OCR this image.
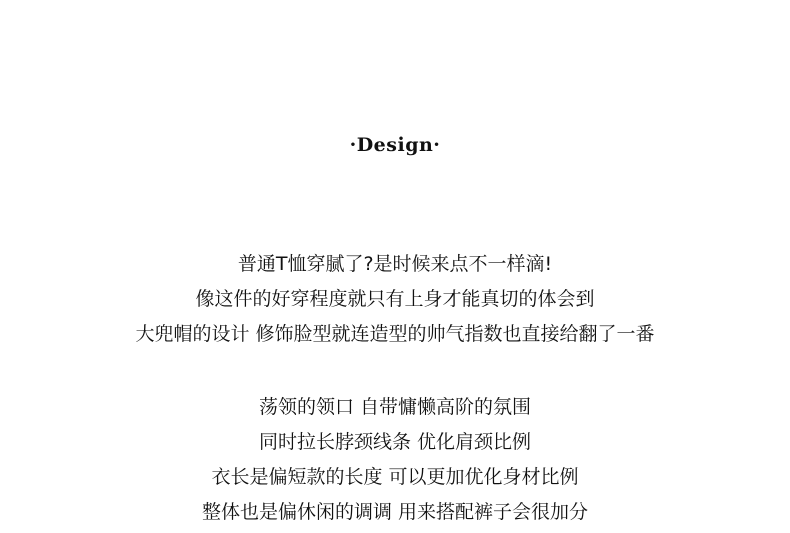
·Design·
普通T恤穿腻了?是时候来点不一样滴!
像这件的好穿程度就只有上身才能真切的体会到
大兜帽的设计 修饰脸型就连造型的帅气指数也直接给翻了一番
荡领的领口 自带慵懒高阶的氛围
同时拉长脖颈线条 优化肩颈比例
衣长是偏短款的长度 可以更加优化身材比例
整体也是偏休闲的调调 用来搭配裤子会很加分
